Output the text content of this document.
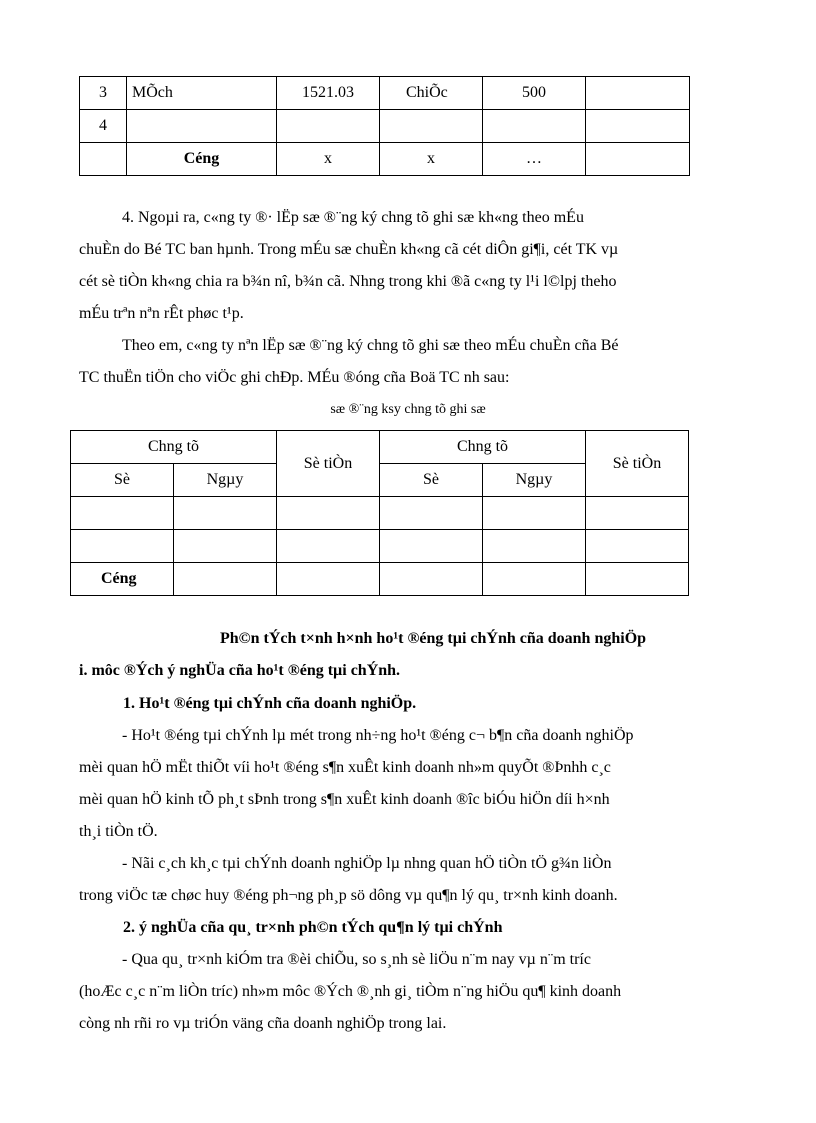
3	MÕch	1521.03	ChiÕc	500	
4					
	Céng	x	x	…	

4. Ngoµi ra, c«ng ty ®· lËp sæ ®¨ng ký chng tõ ghi sæ kh«ng theo mÉu
chuÈn do Bé TC ban hµnh. Trong mÉu sæ chuÈn kh«ng cã cét diÔn gi¶i, cét TK vµ
cét sè tiÒn kh«ng chia ra b¾n nî, b¾n cã. Nhng trong khi ®ã c«ng ty l¹i l©lpj theho
mÉu trªn nªn rÊt phøc t¹p.

Theo em, c«ng ty nªn lËp sæ ®¨ng ký chng tõ ghi sæ theo mÉu chuÈn cña Bé
TC thuËn tiÖn cho viÖc ghi chÐp. MÉu ®óng cña Boä TC nh sau:

sæ ®¨ng ksy chng tõ ghi sæ
Chng tõ		Sè tiÒn	Chng tõ		Sè tiÒn
Sè	Ngµy		Sè	Ngµy	

Céng					
Ph©n tÝch t×nh h×nh ho¹t ®éng tµi chÝnh cña doanh nghiÖp
i. môc ®Ých ý nghÜa cña ho¹t ®éng tµi chÝnh.
1. Ho¹t ®éng tµi chÝnh cña doanh nghiÖp.

- Ho¹t ®éng tµi chÝnh lµ mét trong nh÷ng ho¹t ®éng c¬ b¶n cña doanh nghiÖp
mèi quan hÖ mËt thiÕt víi ho¹t ®éng s¶n xuÊt kinh doanh nh»m quyÕt ®Þnhh c¸c
mèi quan hÖ kinh tÕ ph¸t sÞnh trong s¶n xuÊt kinh doanh ®îc biÓu hiÖn díi h×nh
th¸i tiÒn tÖ.

- Nãi c¸ch kh¸c tµi chÝnh doanh nghiÖp lµ nhng quan hÖ tiÒn tÖ g¾n liÒn
trong viÖc tæ chøc huy ®éng ph¬ng ph¸p sö dông vµ qu¶n lý qu¸ tr×nh kinh doanh.

2. ý nghÜa cña qu¸ tr×nh ph©n tÝch qu¶n lý tµi chÝnh

- Qua qu¸ tr×nh kiÓm tra ®èi chiÕu, so s¸nh sè liÖu n¨m nay vµ n¨m tríc
(hoÆc c¸c n¨m liÒn tríc) nh»m môc ®Ých ®¸nh gi¸ tiÒm n¨ng hiÖu qu¶ kinh doanh
còng nh rñi ro vµ triÓn väng cña doanh nghiÖp trong lai.
